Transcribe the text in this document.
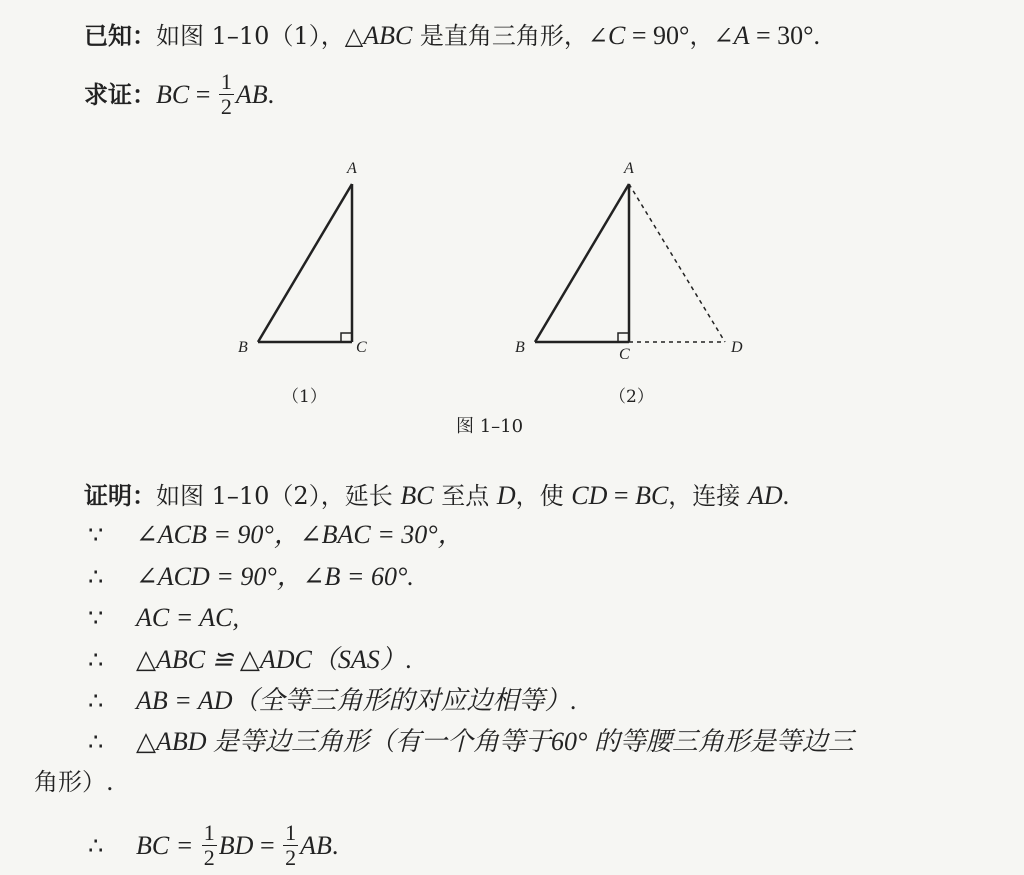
已知：如图 1–10（1），△ABC 是直角三角形，∠C = 90°，∠A = 30°.
求证：BC = $\frac{1}{2}$ AB.
A
B	C
（1）
A
B	C	D
（2）
图 1–10
证明：如图 1–10（2），延长 BC 至点 D，使 CD = BC，连接 AD.
∵ ∠ACB = 90°，∠BAC = 30°，
∴ ∠ACD = 90°，∠B = 60°.
∵ AC = AC,
∴ △ABC ≌ △ADC（SAS）.
∴ AB = AD（全等三角形的对应边相等）.
∴ △ABD 是等边三角形（有一个角等于60° 的等腰三角形是等边三
角形）.
∴ BC = $\frac{1}{2}$ BD = $\frac{1}{2}$ AB.
